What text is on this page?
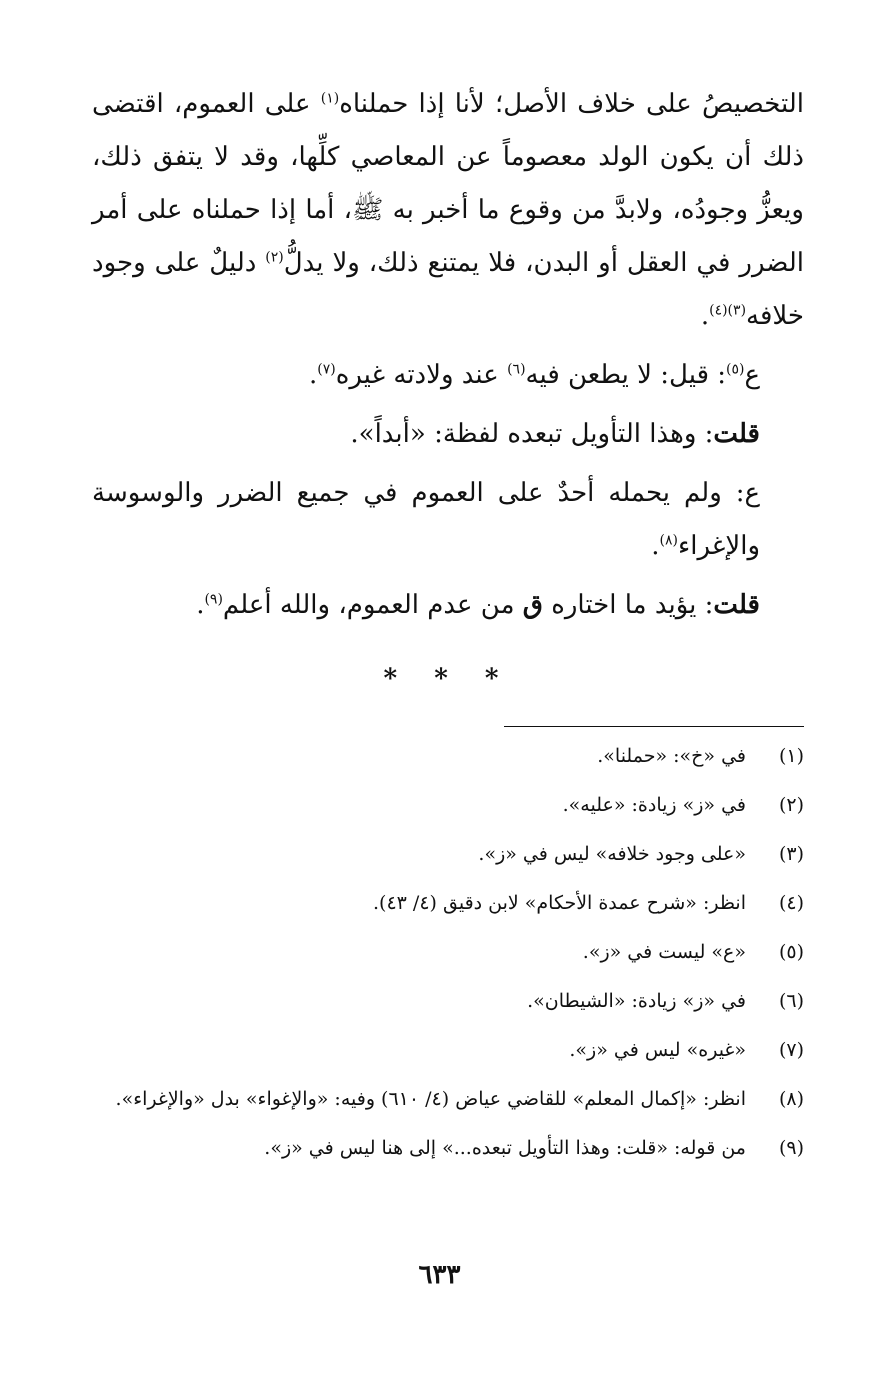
التخصيصُ على خلاف الأصل؛ لأنا إذا حملناه$^{(١)}$ على العموم، اقتضى ذلك أن يكون الولد معصوماً عن المعاصي كلِّها، وقد لا يتفق ذلك، ويعزُّ وجودُه، ولابدَّ من وقوع ما أخبر به ﷺ، أما إذا حملناه على أمر الضرر في العقل أو البدن، فلا يمتنع ذلك، ولا يدلُّ$^{(٢)}$ دليلٌ على وجود خلافه$^{(٣)(٤)}$.

ع$^{(٥)}$: قيل: لا يطعن فيه$^{(٦)}$ عند ولادته غيره$^{(٧)}$.

قلت: وهذا التأويل تبعده لفظة: «أبداً».

ع: ولم يحمله أحدٌ على العموم في جميع الضرر والوسوسة والإغراء$^{(٨)}$.

قلت: يؤيد ما اختاره ق من عدم العموم، والله أعلم$^{(٩)}$.

* * *
(١)
في «خ»: «حملنا».
(٢)
في «ز» زيادة: «عليه».
(٣)
«على وجود خلافه» ليس في «ز».
(٤)
انظر: «شرح عمدة الأحكام» لابن دقيق (٤/ ٤٣).
(٥)
«ع» ليست في «ز».
(٦)
في «ز» زيادة: «الشيطان».
(٧)
«غيره» ليس في «ز».
(٨)
انظر: «إكمال المعلم» للقاضي عياض (٤/ ٦١٠) وفيه: «والإغواء» بدل «والإغراء».
(٩)
من قوله: «قلت: وهذا التأويل تبعده...» إلى هنا ليس في «ز».
٦٣٣
